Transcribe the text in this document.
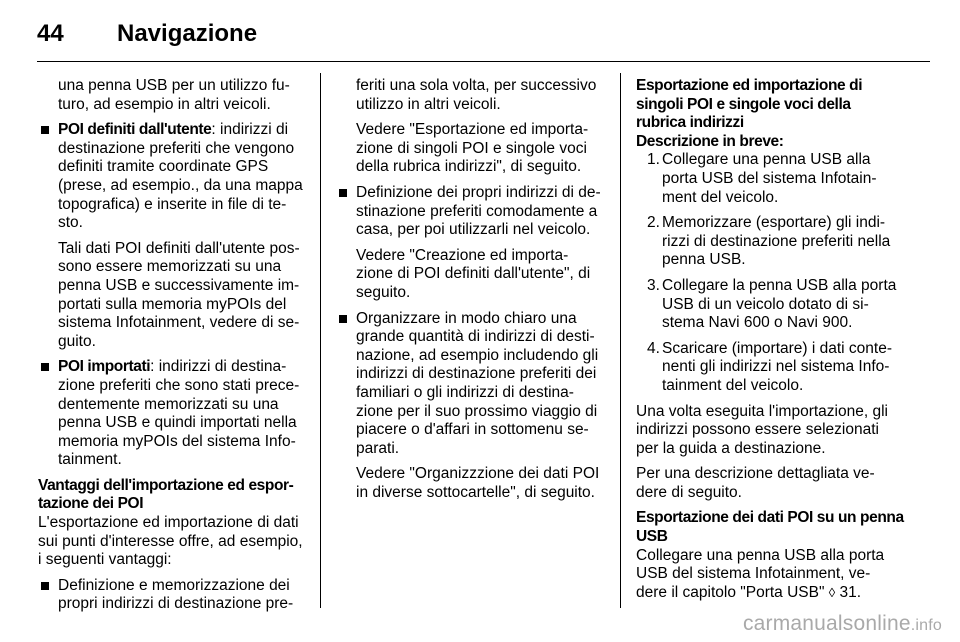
44	Navigazione

una penna USB per un utilizzo fu- turo, ad esempio in altri veicoli.

POI definiti dall'utente: indirizzi di destinazione preferiti che vengono definiti tramite coordinate GPS (prese, ad esempio., da una mappa topografica) e inserite in file di te- sto.

Tali dati POI definiti dall'utente pos- sono essere memorizzati su una penna USB e successivamente im- portati sulla memoria myPOIs del sistema Infotainment, vedere di se- guito.

POI importati: indirizzi di destina- zione preferiti che sono stati prece- dentemente memorizzati su una penna USB e quindi importati nella memoria myPOIs del sistema Info- tainment.
Vantaggi dell'importazione ed espor- tazione dei POI

L'esportazione ed importazione di dati sui punti d'interesse offre, ad esempio, i seguenti vantaggi:

Definizione e memorizzazione dei propri indirizzi di destinazione pre-

feriti una sola volta, per successivo utilizzo in altri veicoli.

Vedere "Esportazione ed importa- zione di singoli POI e singole voci della rubrica indirizzi", di seguito.

Definizione dei propri indirizzi di de- stinazione preferiti comodamente a casa, per poi utilizzarli nel veicolo.

Vedere "Creazione ed importa- zione di POI definiti dall'utente", di seguito.

Organizzare in modo chiaro una grande quantità di indirizzi di desti- nazione, ad esempio includendo gli indirizzi di destinazione preferiti dei familiari o gli indirizzi di destina- zione per il suo prossimo viaggio di piacere o d'affari in sottomenu se- parati.

Vedere "Organizzzione dei dati POI in diverse sottocartelle", di seguito.

Esportazione ed importazione di singoli POI e singole voci della rubrica indirizzi
Descrizione in breve:
1. Collegare una penna USB alla porta USB del sistema Infotain- ment del veicolo.
2. Memorizzare (esportare) gli indi- rizzi di destinazione preferiti nella penna USB.
3. Collegare la penna USB alla porta USB di un veicolo dotato di si- stema Navi 600 o Navi 900.
4. Scaricare (importare) i dati conte- nenti gli indirizzi nel sistema Info- tainment del veicolo.

Una volta eseguita l'importazione, gli indirizzi possono essere selezionati per la guida a destinazione.

Per una descrizione dettagliata ve- dere di seguito.

Esportazione dei dati POI su un penna USB

Collegare una penna USB alla porta USB del sistema Infotainment, ve- dere il capitolo "Porta USB" ◊ 31.

carmanualsonline.info
